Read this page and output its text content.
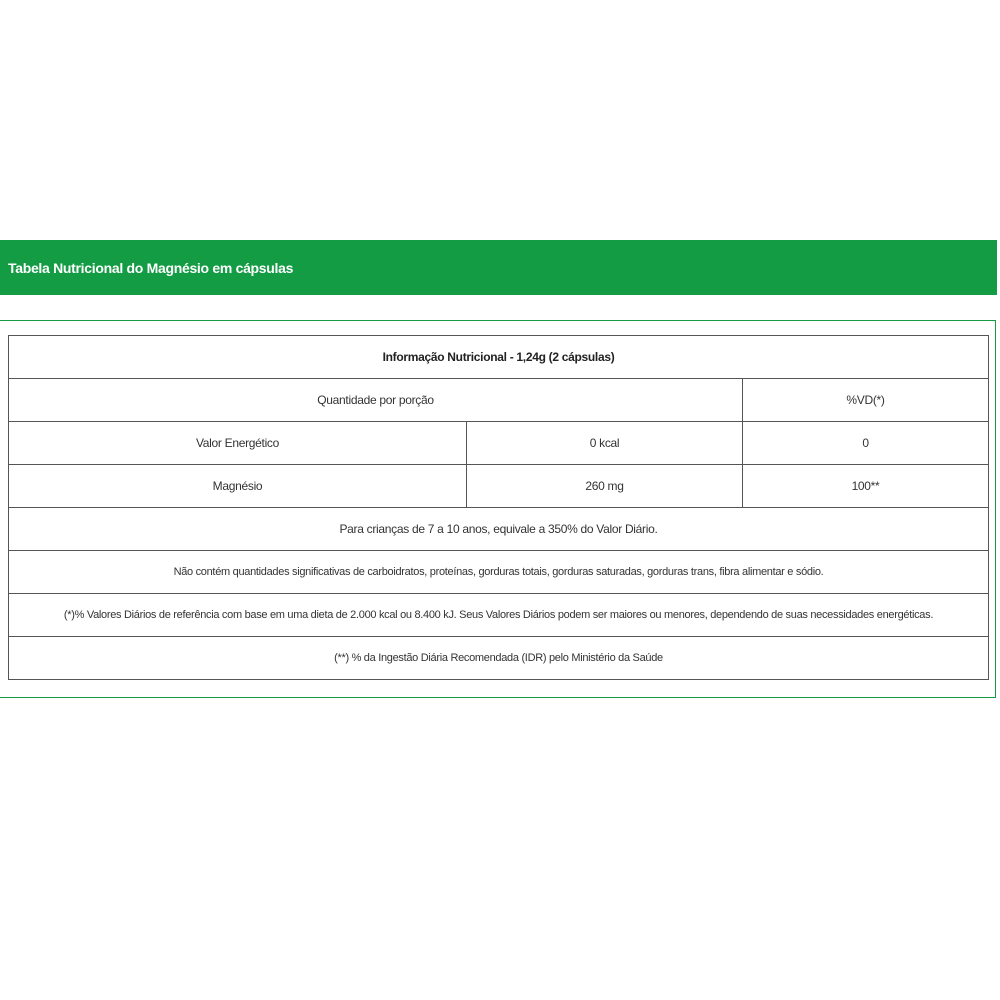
Tabela Nutricional do Magnésio em cápsulas
Informação Nutricional - 1,24g (2 cápsulas)		
Quantidade por porção		%VD(*)
Valor Energético	0 kcal	0
Magnésio	260 mg	100**
Para crianças de 7 a 10 anos, equivale a 350% do Valor Diário.		
Não contém quantidades significativas de carboidratos, proteínas, gorduras totais, gorduras saturadas, gorduras trans, fibra alimentar e sódio.		
(*)% Valores Diários de referência com base em uma dieta de 2.000 kcal ou 8.400 kJ. Seus Valores Diários podem ser maiores ou menores, dependendo de suas necessidades energéticas.		
(**) % da Ingestão Diária Recomendada (IDR) pelo Ministério da Saúde		
